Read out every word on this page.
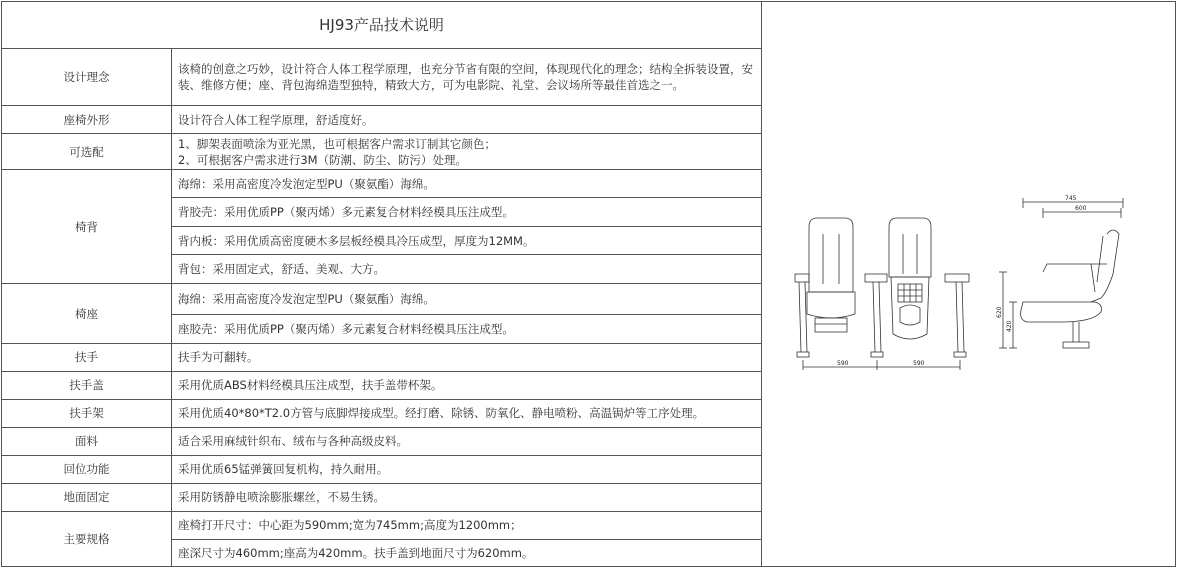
HJ93产品技术说明	
设计理念	该椅的创意之巧妙，设计符合人体工程学原理，也充分节省有限的空间，体现现代化的理念；结构全拆装设置，安装、维修方便；座、背包海绵造型独特，精致大方，可为电影院、礼堂、会议场所等最佳首选之一。
座椅外形	设计符合人体工程学原理，舒适度好。
可选配	1、脚架表面喷涂为亚光黑，也可根据客户需求订制其它颜色；
2、可根据客户需求进行3M（防潮、防尘、防污）处理。
椅背	海绵：采用高密度冷发泡定型PU（聚氨酯）海绵。
	背胶壳：采用优质PP（聚丙烯）多元素复合材料经模具压注成型。
	背内板：采用优质高密度硬木多层板经模具冷压成型，厚度为12MM。
	背包：采用固定式，舒适、美观、大方。
椅座	海绵：采用高密度冷发泡定型PU（聚氨酯）海绵。
	座胶壳：采用优质PP（聚丙烯）多元素复合材料经模具压注成型。
扶手	扶手为可翻转。
扶手盖	采用优质ABS材料经模具压注成型，扶手盖带杯架。
扶手架	采用优质40*80*T2.0方管与底脚焊接成型。经打磨、除锈、防氧化、静电喷粉、高温锔炉等工序处理。
面料	适合采用麻绒针织布、绒布与各种高级皮料。
回位功能	采用优质65锰弹簧回复机构，持久耐用。
地面固定	采用防锈静电喷涂膨胀螺丝，不易生锈。
主要规格	座椅打开尺寸：中心距为590mm;宽为745mm;高度为1200mm；
	座深尺寸为460mm;座高为420mm。扶手盖到地面尺寸为620mm。
590	590
745
600
620
420
